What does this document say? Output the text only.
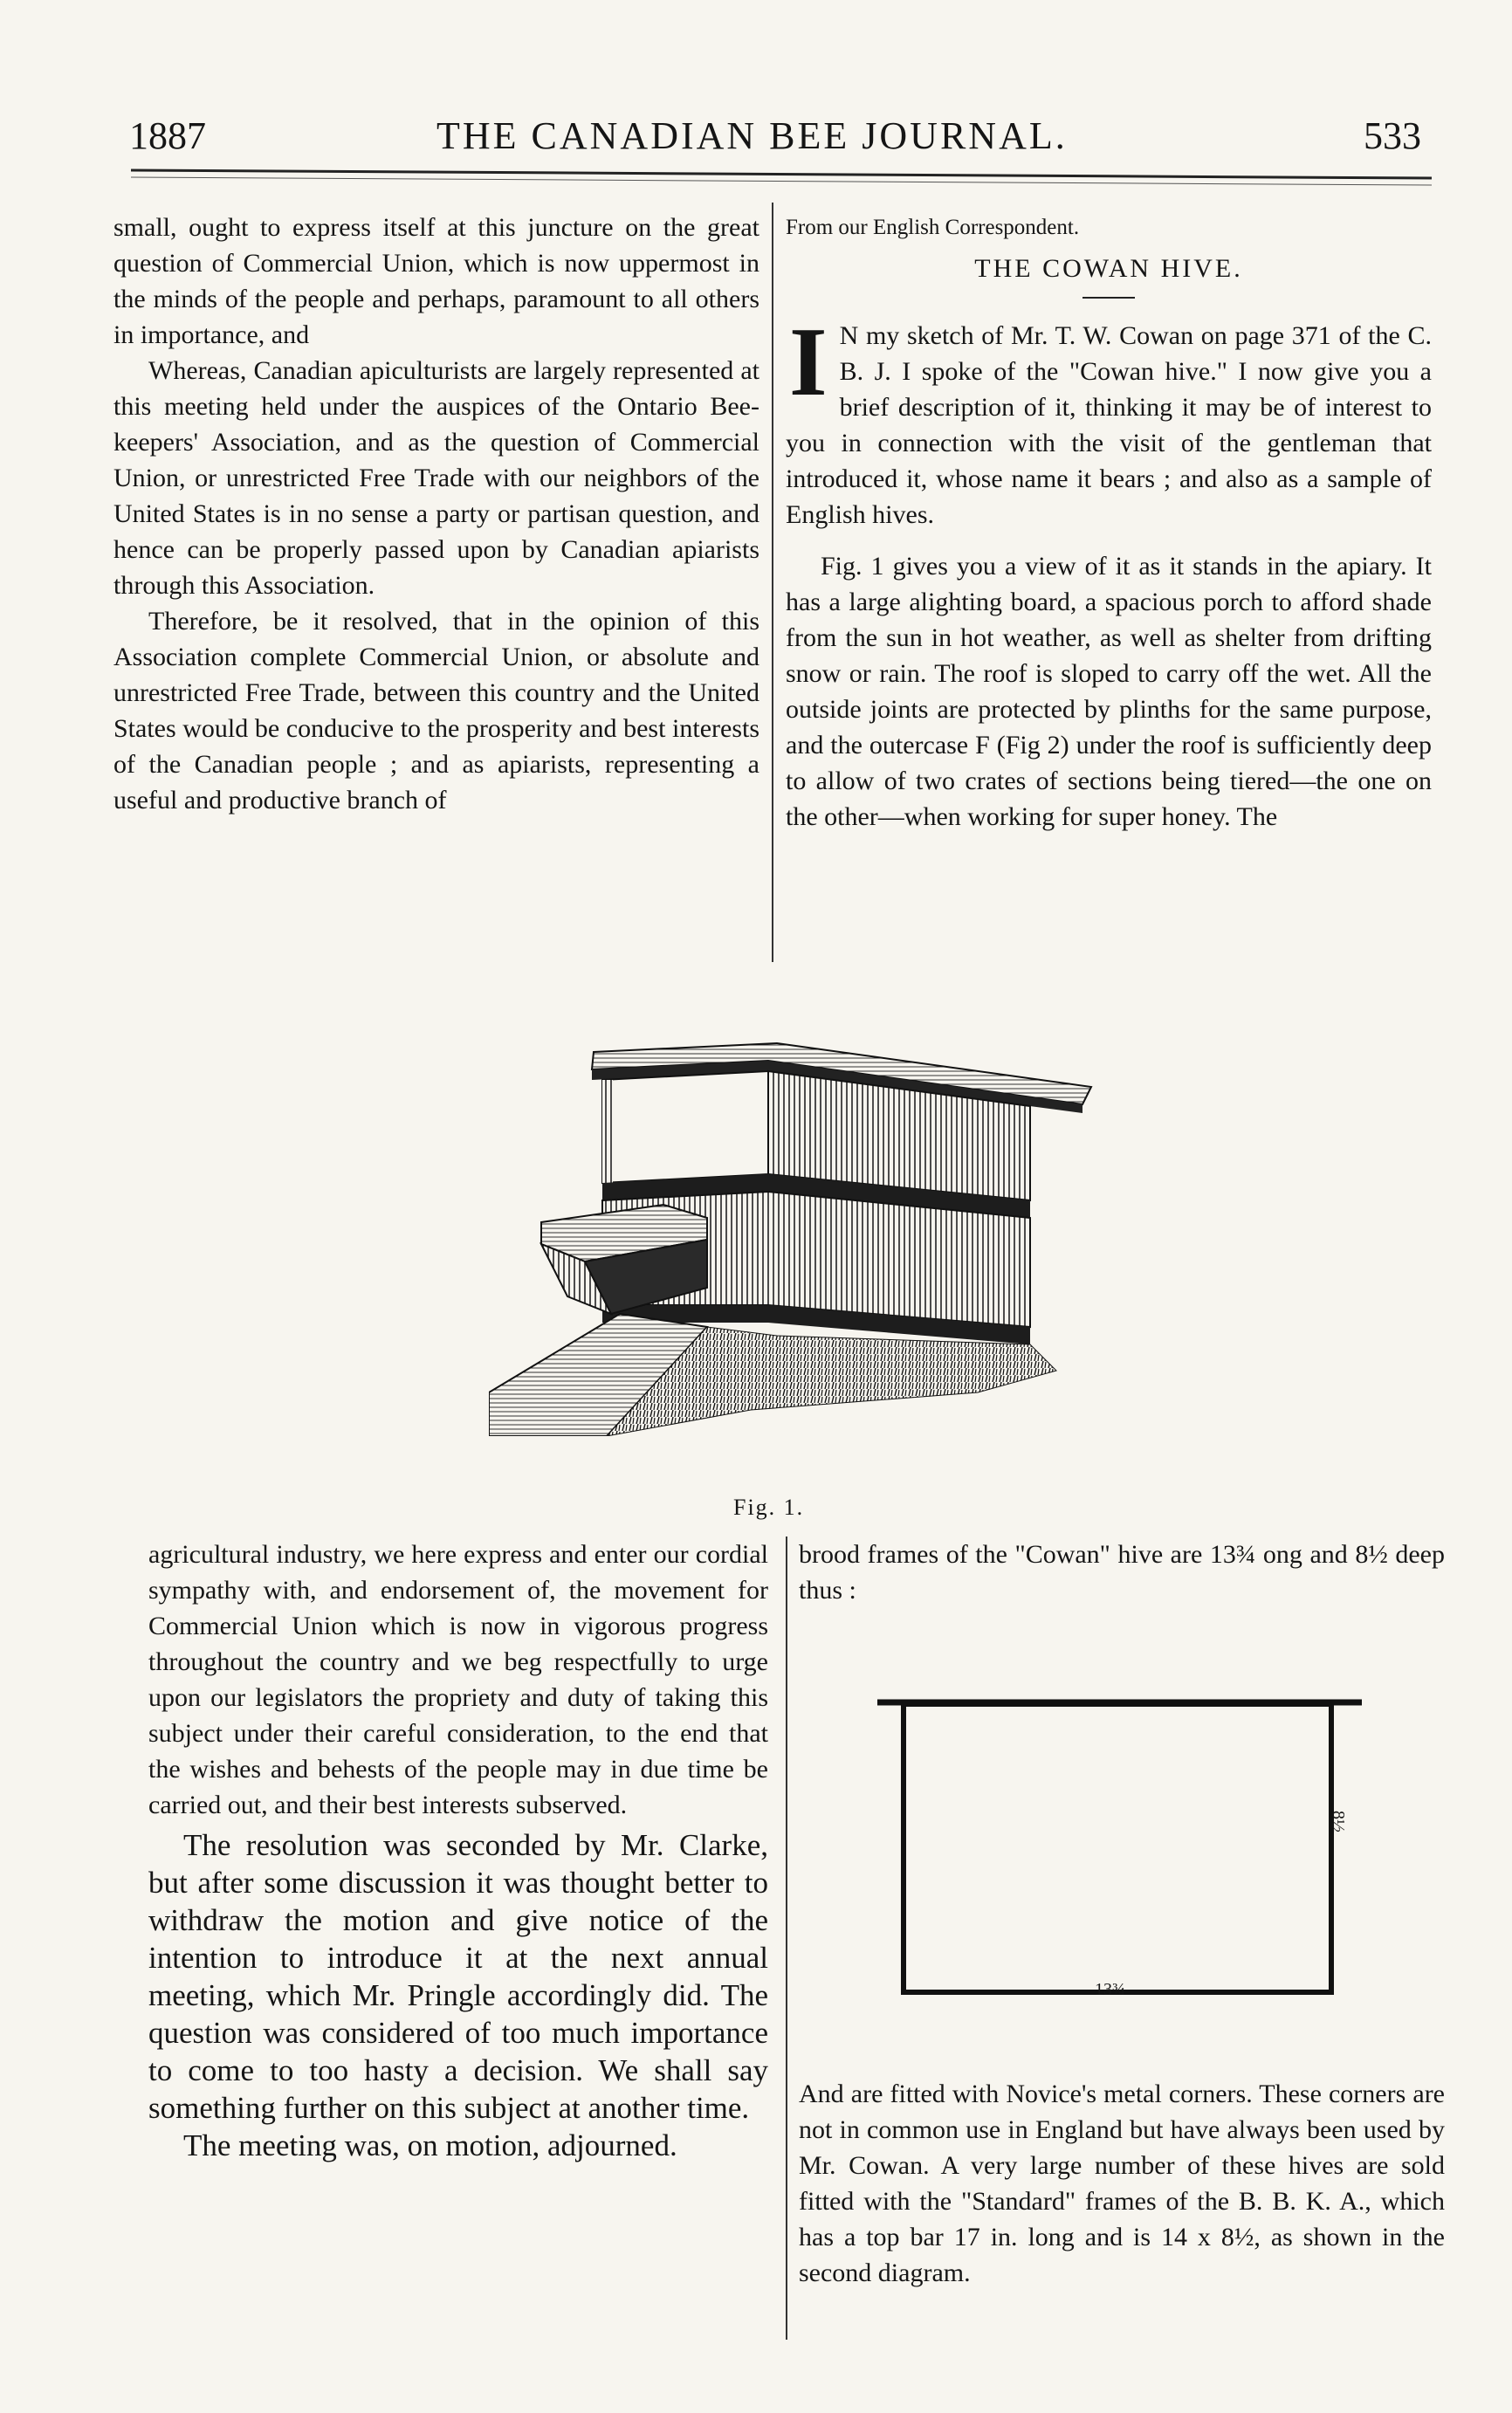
1887	THE CANADIAN BEE JOURNAL.	533

small, ought to express itself at this juncture on the great question of Commercial Union, which is now uppermost in the minds of the people and perhaps, paramount to all others in importance, and

Whereas, Canadian apiculturists are largely represented at this meeting held under the auspices of the Ontario Bee-keepers' Association, and as the question of Commercial Union, or unrestricted Free Trade with our neighbors of the United States is in no sense a party or partisan question, and hence can be properly passed upon by Canadian apiarists through this Association.

Therefore, be it resolved, that in the opinion of this Association complete Commercial Union, or absolute and unrestricted Free Trade, between this country and the United States would be conducive to the prosperity and best interests of the Canadian people ; and as apiarists, representing a useful and productive branch of

From our English Correspondent.
THE COWAN HIVE.

I N my sketch of Mr. T. W. Cowan on page 371 of the C. B. J. I spoke of the "Cowan hive." I now give you a brief description of it, thinking it may be of interest to you in connection with the visit of the gentleman that introduced it, whose name it bears ; and also as a sample of English hives.

Fig. 1 gives you a view of it as it stands in the apiary. It has a large alighting board, a spacious porch to afford shade from the sun in hot weather, as well as shelter from drifting snow or rain. The roof is sloped to carry off the wet. All the outside joints are protected by plinths for the same purpose, and the outercase F (Fig 2) under the roof is sufficiently deep to allow of two crates of sections being tiered—the one on the other—when working for super honey. The

Fig. 1.

agricultural industry, we here express and enter our cordial sympathy with, and endorsement of, the movement for Commercial Union which is now in vigorous progress throughout the country and we beg respectfully to urge upon our legislators the propriety and duty of taking this subject under their careful consideration, to the end that the wishes and behests of the people may in due time be carried out, and their best interests subserved.

The resolution was seconded by Mr. Clarke, but after some discussion it was thought better to withdraw the motion and give notice of the intention to introduce it at the next annual meeting, which Mr. Pringle accordingly did. The question was considered of too much importance to come to too hasty a decision. We shall say something further on this subject at another time.

The meeting was, on motion, adjourned.

brood frames of the "Cowan" hive are 13¾ ong and 8½ deep thus :

13¾
8½

And are fitted with Novice's metal corners. These corners are not in common use in England but have always been used by Mr. Cowan. A very large number of these hives are sold fitted with the "Standard" frames of the B. B. K. A., which has a top bar 17 in. long and is 14 x 8½, as shown in the second diagram.
